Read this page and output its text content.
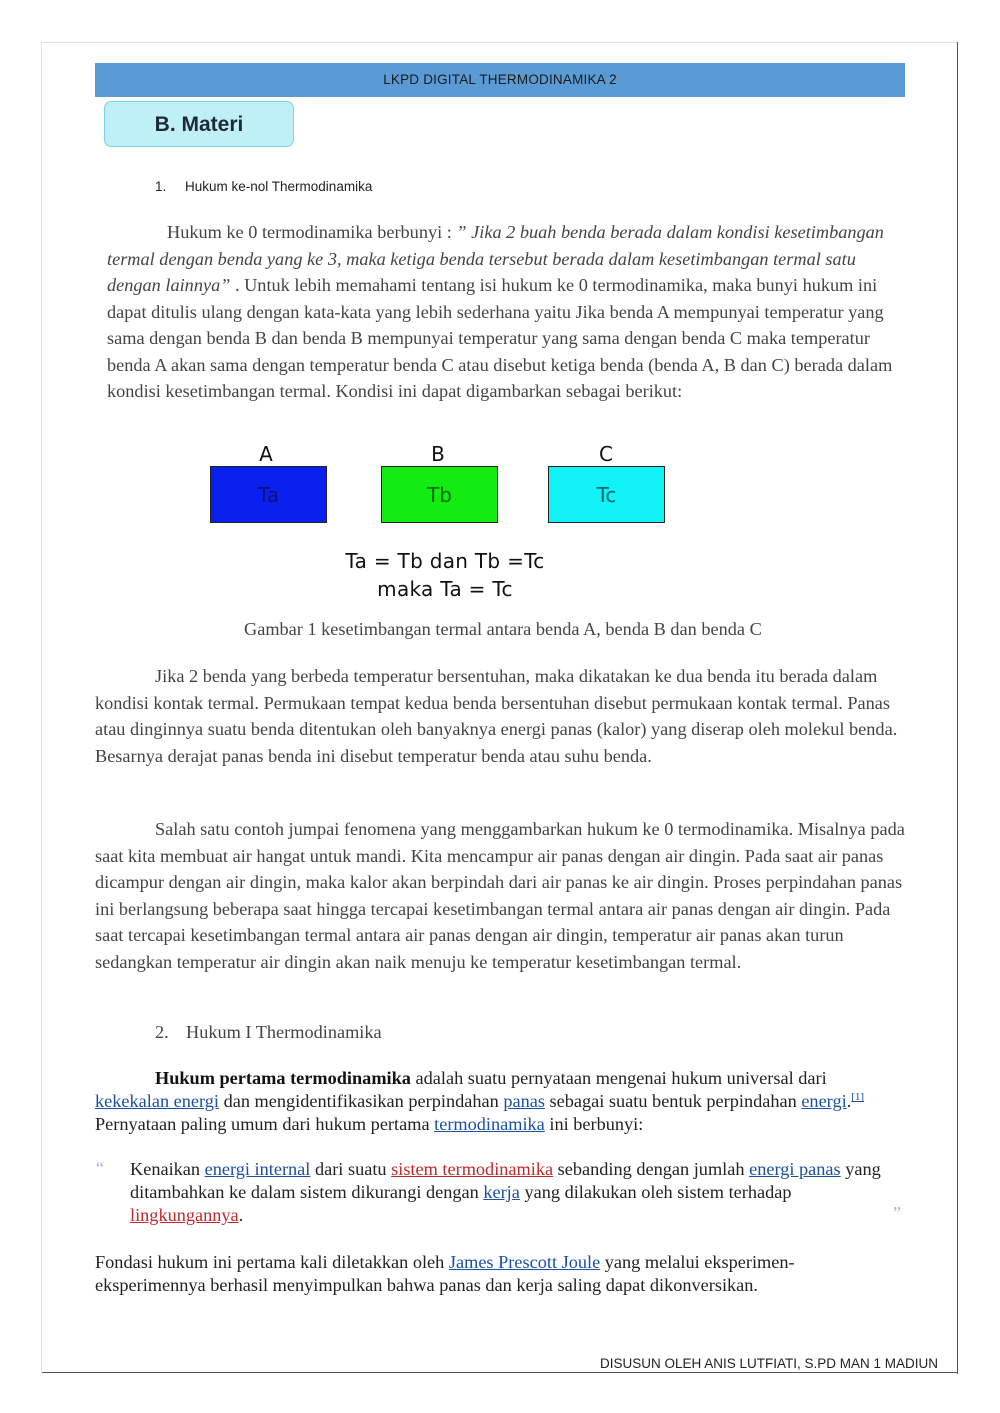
LKPD DIGITAL THERMODINAMIKA 2
B. Materi
1. Hukum ke-nol Thermodinamika
Hukum ke 0 termodinamika berbunyi : ” Jika 2 buah benda berada dalam kondisi kesetimbangan termal dengan benda yang ke 3, maka ketiga benda tersebut berada dalam kesetimbangan termal satu dengan lainnya” . Untuk lebih memahami tentang isi hukum ke 0 termodinamika, maka bunyi hukum ini dapat ditulis ulang dengan kata-kata yang lebih sederhana yaitu Jika benda A mempunyai temperatur yang sama dengan benda B dan benda B mempunyai temperatur yang sama dengan benda C maka temperatur benda A akan sama dengan temperatur benda C atau disebut ketiga benda (benda A, B dan C) berada dalam kondisi kesetimbangan termal. Kondisi ini dapat digambarkan sebagai berikut:
A	B	C
Ta	Tb	Tc
Ta = Tb dan Tb =Tc
maka Ta = Tc
Gambar 1 kesetimbangan termal antara benda A, benda B dan benda C
Jika 2 benda yang berbeda temperatur bersentuhan, maka dikatakan ke dua benda itu berada dalam kondisi kontak termal. Permukaan tempat kedua benda bersentuhan disebut permukaan kontak termal. Panas atau dinginnya suatu benda ditentukan oleh banyaknya energi panas (kalor) yang diserap oleh molekul benda. Besarnya derajat panas benda ini disebut temperatur benda atau suhu benda.
Salah satu contoh jumpai fenomena yang menggambarkan hukum ke 0 termodinamika. Misalnya pada saat kita membuat air hangat untuk mandi. Kita mencampur air panas dengan air dingin. Pada saat air panas dicampur dengan air dingin, maka kalor akan berpindah dari air panas ke air dingin. Proses perpindahan panas ini berlangsung beberapa saat hingga tercapai kesetimbangan termal antara air panas dengan air dingin. Pada saat tercapai kesetimbangan termal antara air panas dengan air dingin, temperatur air panas akan turun sedangkan temperatur air dingin akan naik menuju ke temperatur kesetimbangan termal.
2. Hukum I Thermodinamika
Hukum pertama termodinamika adalah suatu pernyataan mengenai hukum universal dari kekekalan energi dan mengidentifikasikan perpindahan panas sebagai suatu bentuk perpindahan energi.[1] Pernyataan paling umum dari hukum pertama termodinamika ini berbunyi:
“ Kenaikan energi internal dari suatu sistem termodinamika sebanding dengan jumlah energi panas yang ditambahkan ke dalam sistem dikurangi dengan kerja yang dilakukan oleh sistem terhadap lingkungannya.	”
Fondasi hukum ini pertama kali diletakkan oleh James Prescott Joule yang melalui eksperimen-eksperimennya berhasil menyimpulkan bahwa panas dan kerja saling dapat dikonversikan.
DISUSUN OLEH ANIS LUTFIATI, S.PD MAN 1 MADIUN
